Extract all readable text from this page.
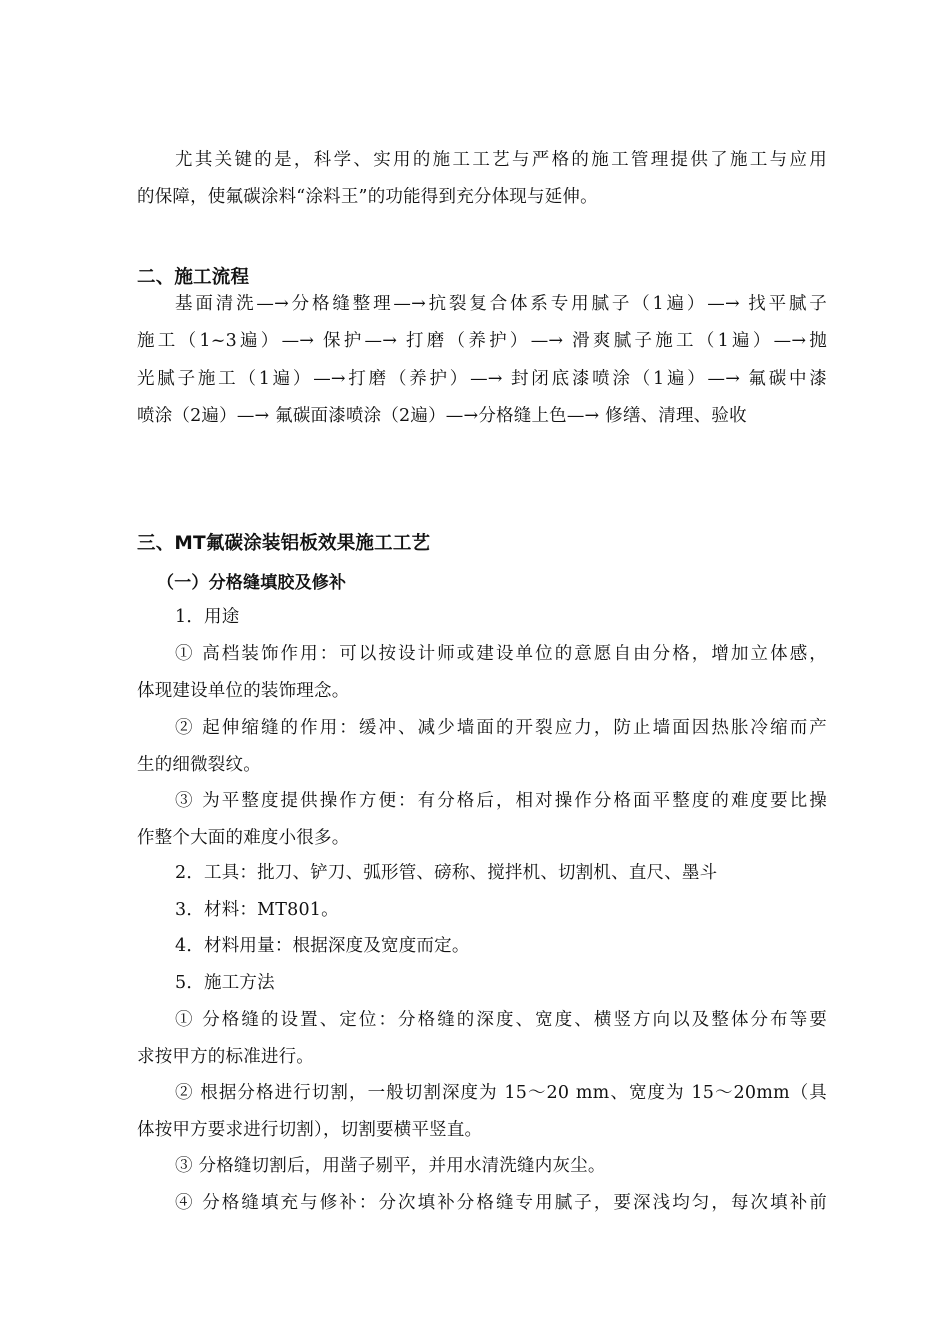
尤其关键的是，科学、实用的施工工艺与严格的施工管理提供了施工与应用
的保障，使氟碳涂料“涂料王”的功能得到充分体现与延伸。
二、施工流程
基面清洗—→分格缝整理—→抗裂复合体系专用腻子（1遍）—→ 找平腻子
施工（1~3遍）—→ 保护—→ 打磨（养护）—→ 滑爽腻子施工（1遍）—→抛
光腻子施工（1遍）—→打磨（养护）—→ 封闭底漆喷涂（1遍）—→ 氟碳中漆
喷涂（2遍）—→ 氟碳面漆喷涂（2遍）—→分格缝上色—→ 修缮、清理、验收
三、MT氟碳涂装铝板效果施工工艺
（一）分格缝填胶及修补
1．用途
① 高档装饰作用：可以按设计师或建设单位的意愿自由分格，增加立体感，
体现建设单位的装饰理念。
② 起伸缩缝的作用：缓冲、减少墙面的开裂应力，防止墙面因热胀冷缩而产
生的细微裂纹。
③ 为平整度提供操作方便：有分格后，相对操作分格面平整度的难度要比操
作整个大面的难度小很多。
2．工具：批刀、铲刀、弧形管、磅称、搅拌机、切割机、直尺、墨斗
3．材料：MT801。
4．材料用量：根据深度及宽度而定。
5．施工方法
① 分格缝的设置、定位：分格缝的深度、宽度、横竖方向以及整体分布等要
求按甲方的标准进行。
② 根据分格进行切割，一般切割深度为 15～20 mm、宽度为 15～20mm（具
体按甲方要求进行切割），切割要横平竖直。
③ 分格缝切割后，用凿子剔平，并用水清洗缝内灰尘。
④ 分格缝填充与修补：分次填补分格缝专用腻子，要深浅均匀，每次填补前
